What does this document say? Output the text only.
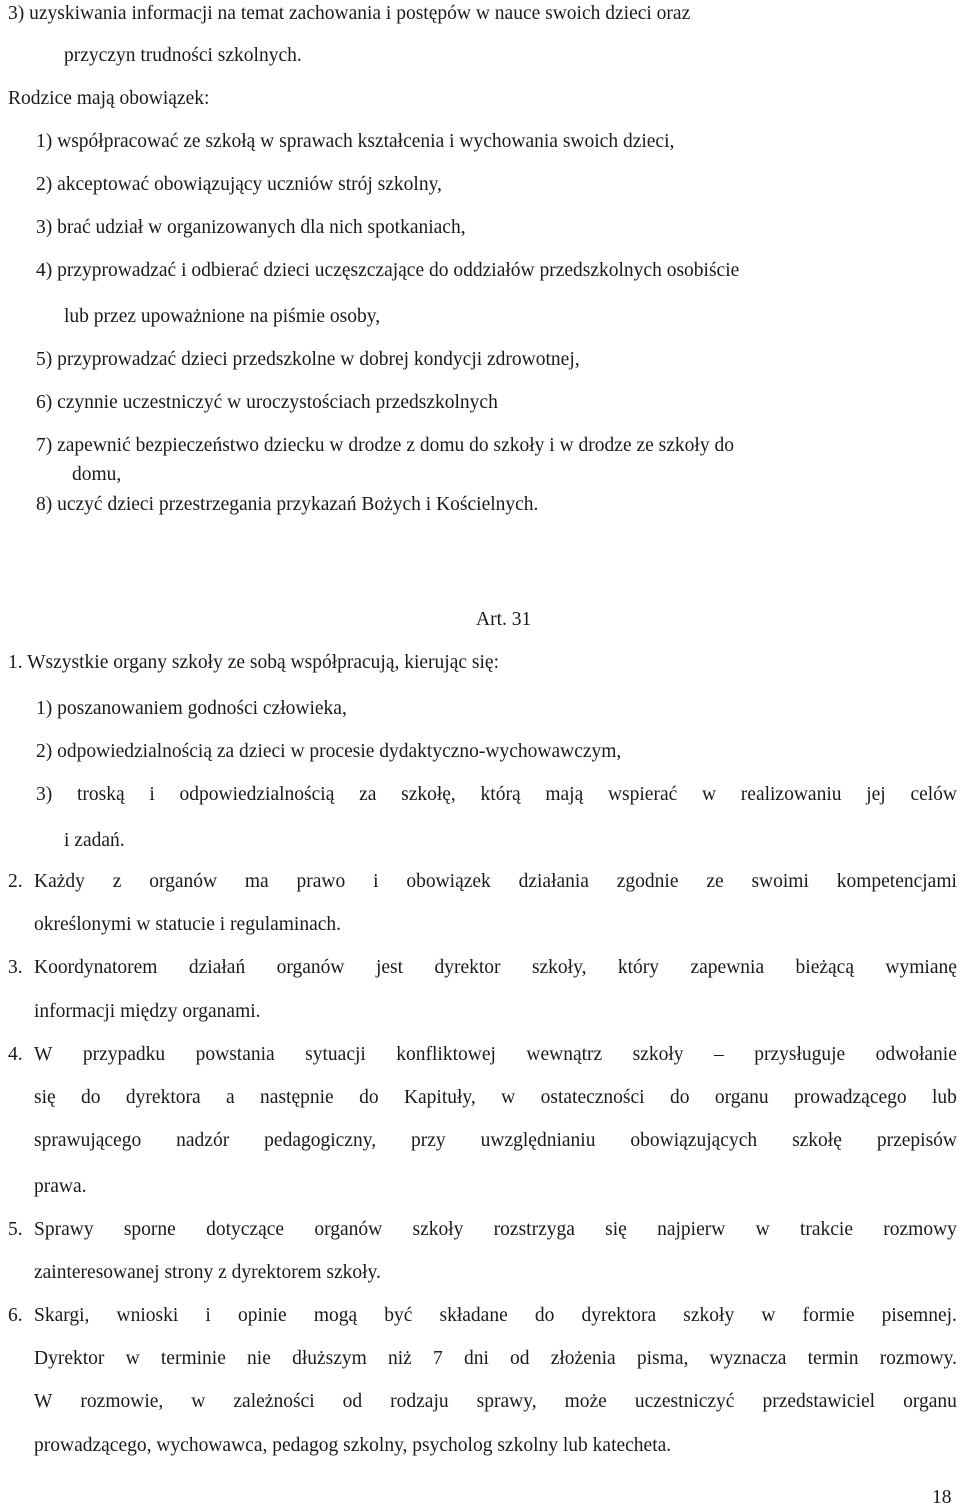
3) uzyskiwania informacji na temat zachowania i postępów w nauce swoich dzieci oraz
przyczyn trudności szkolnych.
Rodzice mają obowiązek:
1) współpracować ze szkołą w sprawach kształcenia i wychowania swoich dzieci,
2) akceptować obowiązujący uczniów strój szkolny,
3) brać udział w organizowanych dla nich spotkaniach,
4) przyprowadzać i odbierać dzieci uczęszczające do oddziałów przedszkolnych osobiście
lub przez upoważnione na piśmie osoby,
5) przyprowadzać dzieci przedszkolne w dobrej kondycji zdrowotnej,
6) czynnie uczestniczyć w uroczystościach przedszkolnych
7) zapewnić bezpieczeństwo dziecku w drodze z domu do szkoły i w drodze ze szkoły do
domu,
8) uczyć dzieci przestrzegania przykazań Bożych i Kościelnych.
Art. 31
1. Wszystkie organy szkoły ze sobą współpracują, kierując się:
1) poszanowaniem godności człowieka,
2) odpowiedzialnością za dzieci w procesie dydaktyczno-wychowawczym,
3) troską i odpowiedzialnością za szkołę, którą mają wspierać w realizowaniu jej celów
i zadań.
2. Każdy z organów ma prawo i obowiązek działania zgodnie ze swoimi kompetencjami
określonymi w statucie i regulaminach.
3. Koordynatorem działań organów jest dyrektor szkoły, który zapewnia bieżącą wymianę
informacji między organami.
4. W przypadku powstania sytuacji konfliktowej wewnątrz szkoły – przysługuje odwołanie
się do dyrektora a następnie do Kapituły, w ostateczności do organu prowadzącego lub
sprawującego nadzór pedagogiczny, przy uwzględnianiu obowiązujących szkołę przepisów
prawa.
5. Sprawy sporne dotyczące organów szkoły rozstrzyga się najpierw w trakcie rozmowy
zainteresowanej strony z dyrektorem szkoły.
6. Skargi, wnioski i opinie mogą być składane do dyrektora szkoły w formie pisemnej.
Dyrektor w terminie nie dłuższym niż 7 dni od złożenia pisma, wyznacza termin rozmowy.
W rozmowie, w zależności od rodzaju sprawy, może uczestniczyć przedstawiciel organu
prowadzącego, wychowawca, pedagog szkolny, psycholog szkolny lub katecheta.
18
